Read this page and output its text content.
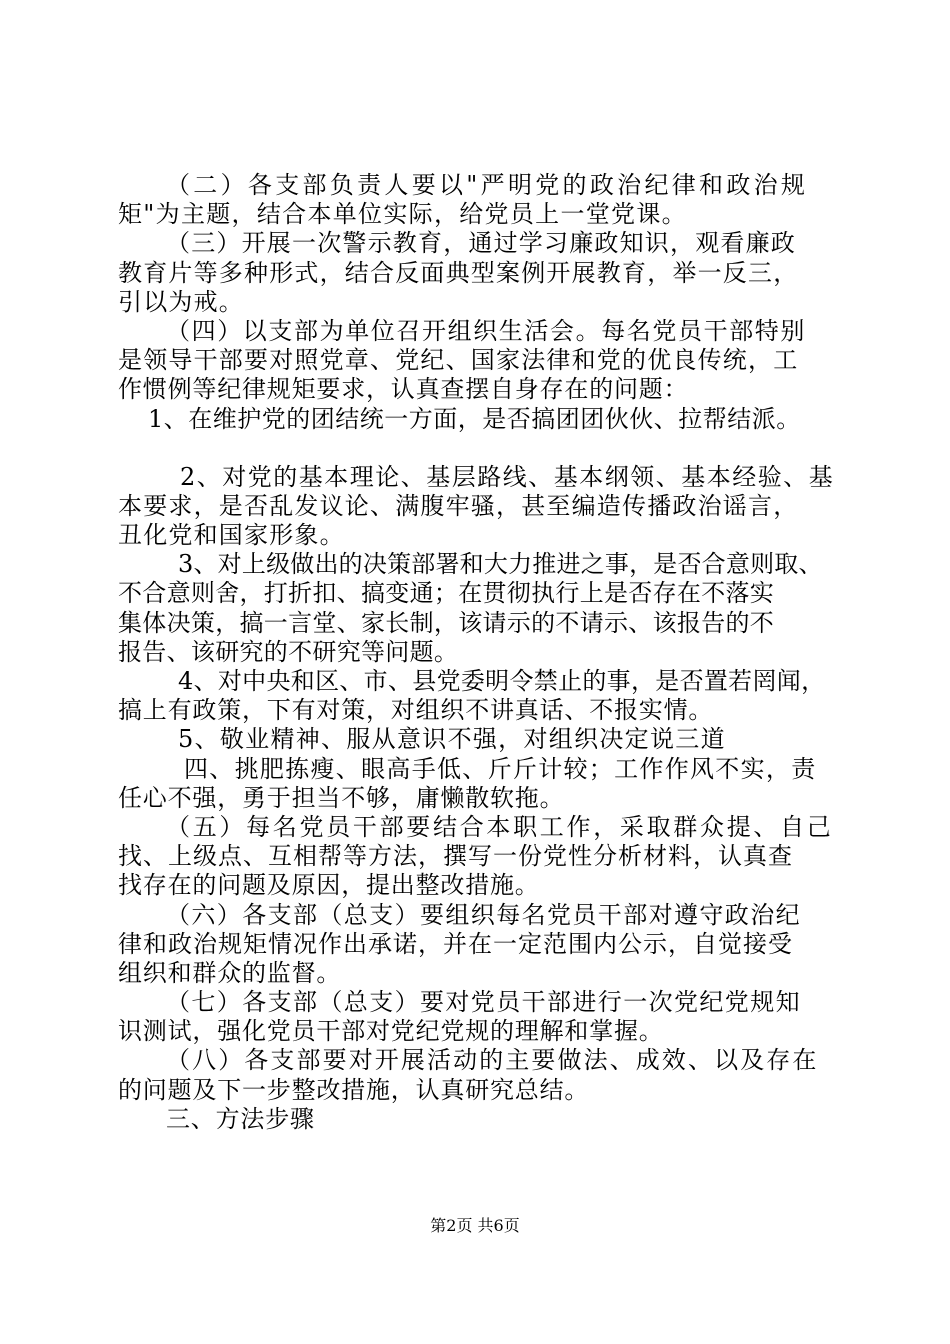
（二）各支部负责人要以"严明党的政治纪律和政治规
矩"为主题，结合本单位实际，给党员上一堂党课。
（三）开展一次警示教育，通过学习廉政知识，观看廉政
教育片等多种形式，结合反面典型案例开展教育，举一反三，
引以为戒。
（四）以支部为单位召开组织生活会。每名党员干部特别
是领导干部要对照党章、党纪、国家法律和党的优良传统，工
作惯例等纪律规矩要求，认真查摆自身存在的问题：
1、在维护党的团结统一方面，是否搞团团伙伙、拉帮结派。
2、对党的基本理论、基层路线、基本纲领、基本经验、基
本要求，是否乱发议论、满腹牢骚，甚至编造传播政治谣言，
丑化党和国家形象。
3、对上级做出的决策部署和大力推进之事，是否合意则取、
不合意则舍，打折扣、搞变通；在贯彻执行上是否存在不落实
集体决策，搞一言堂、家长制，该请示的不请示、该报告的不
报告、该研究的不研究等问题。
4、对中央和区、市、县党委明令禁止的事，是否置若罔闻，
搞上有政策，下有对策，对组织不讲真话、不报实情。
5、敬业精神、服从意识不强，对组织决定说三道
四、挑肥拣瘦、眼高手低、斤斤计较；工作作风不实，责
任心不强，勇于担当不够，庸懒散软拖。
（五）每名党员干部要结合本职工作，采取群众提、自己
找、上级点、互相帮等方法，撰写一份党性分析材料，认真查
找存在的问题及原因，提出整改措施。
（六）各支部（总支）要组织每名党员干部对遵守政治纪
律和政治规矩情况作出承诺，并在一定范围内公示，自觉接受
组织和群众的监督。
（七）各支部（总支）要对党员干部进行一次党纪党规知
识测试，强化党员干部对党纪党规的理解和掌握。
（八）各支部要对开展活动的主要做法、成效、以及存在
的问题及下一步整改措施，认真研究总结。
三、方法步骤
第2页 共6页
